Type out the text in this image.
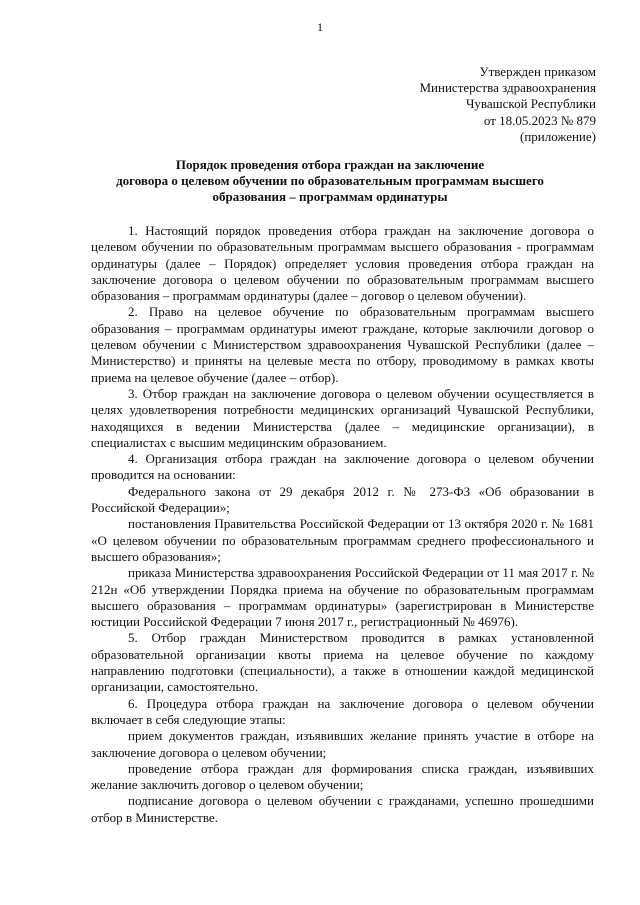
1
Утвержден приказом
Министерства здравоохранения
Чувашской Республики
от 18.05.2023 № 879
(приложение)
Порядок проведения отбора граждан на заключение
договора о целевом обучении по образовательным программам высшего
образования – программам ординатуры

1. Настоящий порядок проведения отбора граждан на заключение договора о целевом обучении по образовательным программам высшего образования - программам ординатуры (далее – Порядок) определяет условия проведения отбора граждан на заключение договора о целевом обучении по образовательным программам высшего образования – программам ординатуры (далее – договор о целевом обучении).

2. Право на целевое обучение по образовательным программам высшего образования – программам ординатуры имеют граждане, которые заключили договор о целевом обучении с Министерством здравоохранения Чувашской Республики (далее – Министерство) и приняты на целевые места по отбору, проводимому в рамках квоты приема на целевое обучение (далее – отбор).

3. Отбор граждан на заключение договора о целевом обучении осуществляется в целях удовлетворения потребности медицинских организаций Чувашской Республики, находящихся в ведении Министерства (далее – медицинские организации), в специалистах с высшим медицинским образованием.

4. Организация отбора граждан на заключение договора о целевом обучении проводится на основании:

Федерального закона от 29 декабря 2012 г. № 273-ФЗ «Об образовании в Российской Федерации»;

постановления Правительства Российской Федерации от 13 октября 2020 г. № 1681 «О целевом обучении по образовательным программам среднего профессионального и высшего образования»;

приказа Министерства здравоохранения Российской Федерации от 11 мая 2017 г. № 212н «Об утверждении Порядка приема на обучение по образовательным программам высшего образования – программам ординатуры» (зарегистрирован в Министерстве юстиции Российской Федерации 7 июня 2017 г., регистрационный № 46976).

5. Отбор граждан Министерством проводится в рамках установленной образовательной организации квоты приема на целевое обучение по каждому направлению подготовки (специальности), а также в отношении каждой медицинской организации, самостоятельно.

6. Процедура отбора граждан на заключение договора о целевом обучении включает в себя следующие этапы:

прием документов граждан, изъявивших желание принять участие в отборе на заключение договора о целевом обучении;

проведение отбора граждан для формирования списка граждан, изъявивших желание заключить договор о целевом обучении;

подписание договора о целевом обучении с гражданами, успешно прошедшими отбор в Министерстве.
